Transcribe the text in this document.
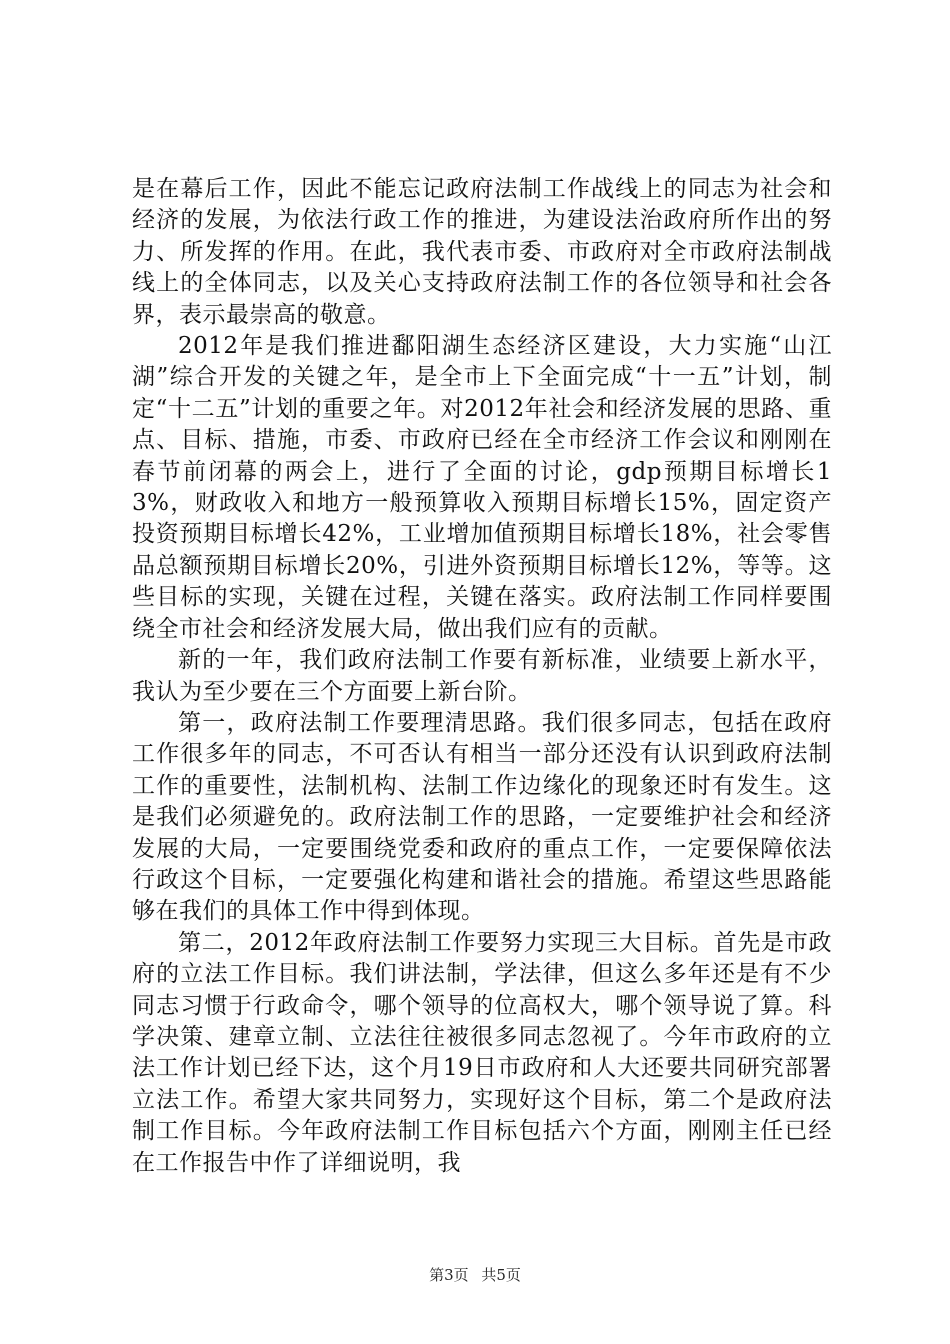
是在幕后工作，因此不能忘记政府法制工作战线上的同志为社会和经济的发展，为依法行政工作的推进，为建设法治政府所作出的努力、所发挥的作用。在此，我代表市委、市政府对全市政府法制战线上的全体同志，以及关心支持政府法制工作的各位领导和社会各界，表示最崇高的敬意。

2012年是我们推进鄱阳湖生态经济区建设，大力实施“山江湖”综合开发的关键之年，是全市上下全面完成“十一五”计划，制定“十二五”计划的重要之年。对2012年社会和经济发展的思路、重点、目标、措施，市委、市政府已经在全市经济工作会议和刚刚在春节前闭幕的两会上，进行了全面的讨论，gdp预期目标增长13%，财政收入和地方一般预算收入预期目标增长15%，固定资产投资预期目标增长42%，工业增加值预期目标增长18%，社会零售品总额预期目标增长20%，引进外资预期目标增长12%，等等。这些目标的实现，关键在过程，关键在落实。政府法制工作同样要围绕全市社会和经济发展大局，做出我们应有的贡献。

新的一年，我们政府法制工作要有新标准，业绩要上新水平，我认为至少要在三个方面要上新台阶。

第一，政府法制工作要理清思路。我们很多同志，包括在政府工作很多年的同志，不可否认有相当一部分还没有认识到政府法制工作的重要性，法制机构、法制工作边缘化的现象还时有发生。这是我们必须避免的。政府法制工作的思路，一定要维护社会和经济发展的大局，一定要围绕党委和政府的重点工作，一定要保障依法行政这个目标，一定要强化构建和谐社会的措施。希望这些思路能够在我们的具体工作中得到体现。

第二，2012年政府法制工作要努力实现三大目标。首先是市政府的立法工作目标。我们讲法制，学法律，但这么多年还是有不少同志习惯于行政命令，哪个领导的位高权大，哪个领导说了算。科学决策、建章立制、立法往往被很多同志忽视了。今年市政府的立法工作计划已经下达，这个月19日市政府和人大还要共同研究部署立法工作。希望大家共同努力，实现好这个目标，第二个是政府法制工作目标。今年政府法制工作目标包括六个方面，刚刚主任已经在工作报告中作了详细说明，我

第3页 共5页
